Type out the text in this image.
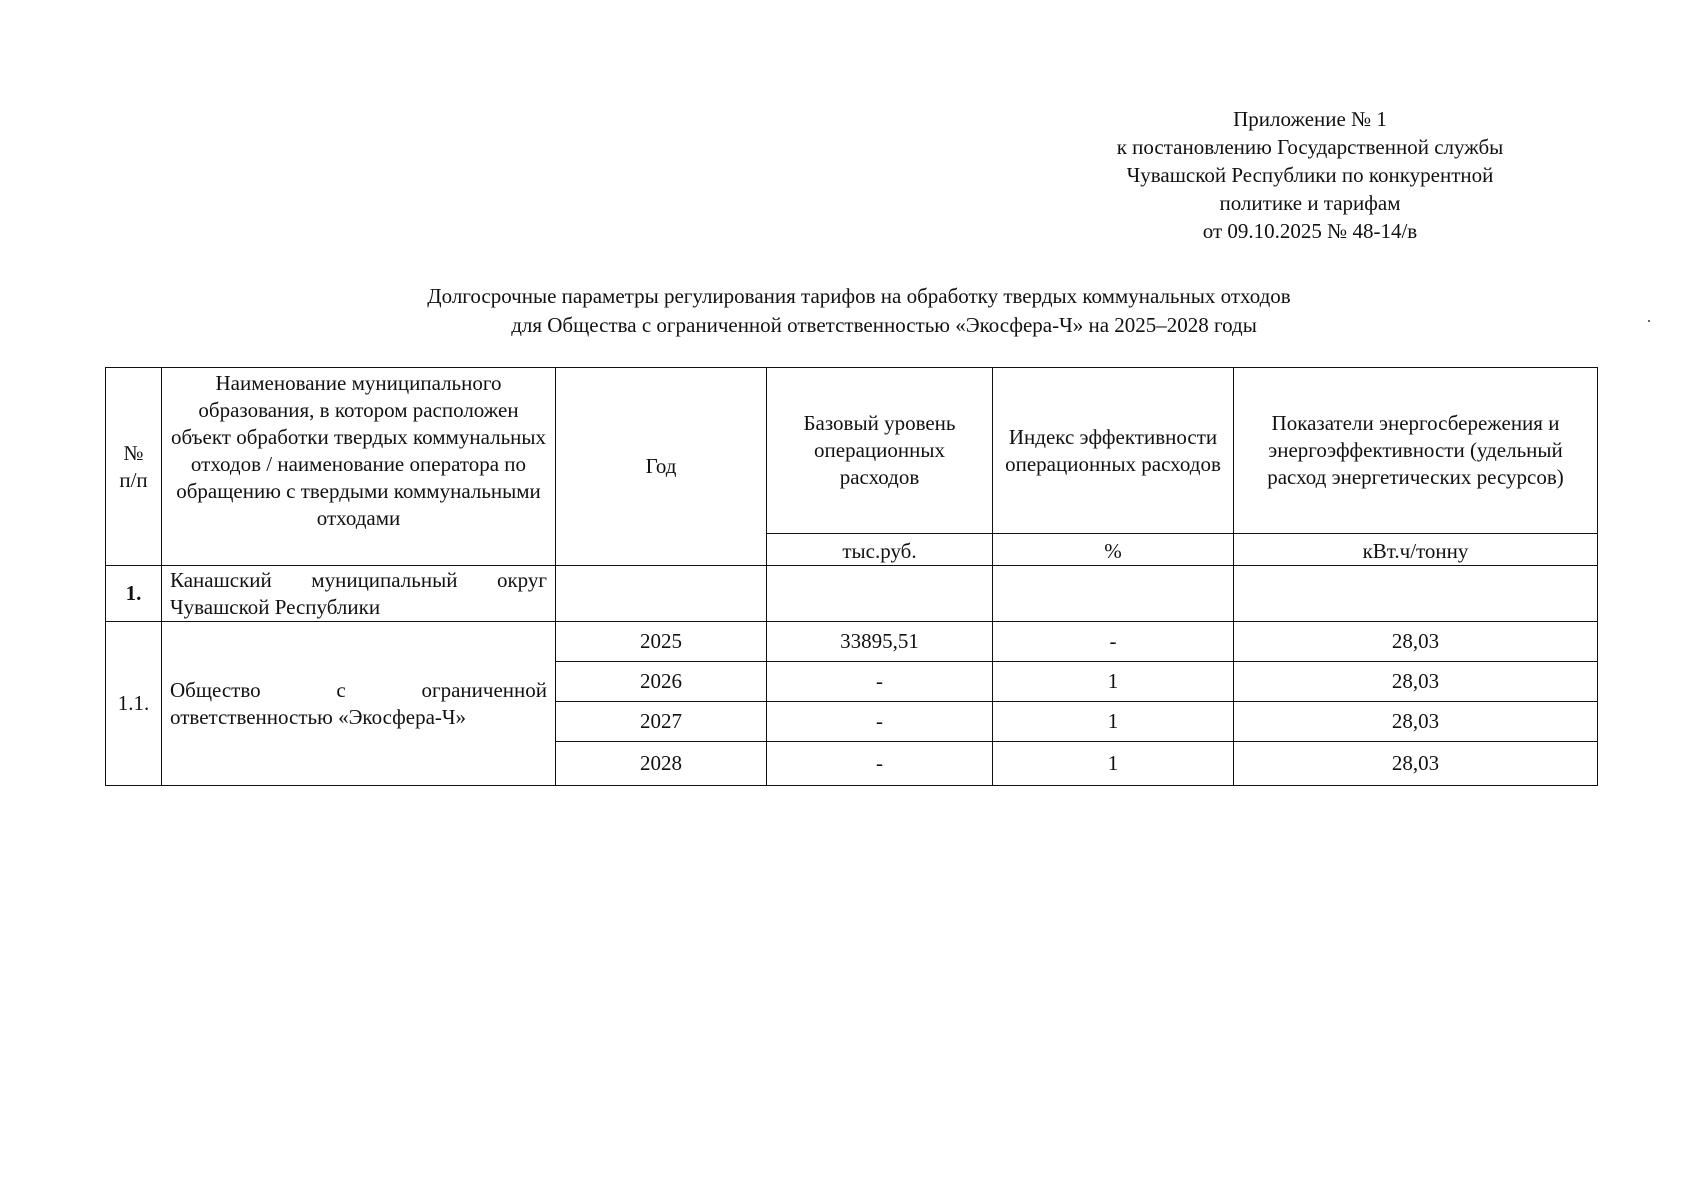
Приложение № 1
к постановлению Государственной службы
Чувашской Республики по конкурентной
политике и тарифам
от 09.10.2025 № 48-14/в
Долгосрочные параметры регулирования тарифов на обработку твердых коммунальных отходов
для Общества с ограниченной ответственностью «Экосфера-Ч» на 2025–2028 годы
№ п/п	Наименование муниципального образования, в котором расположен объект обработки твердых коммунальных отходов / наименование оператора по обращению с твердыми коммунальными отходами	Год	Базовый уровень операционных расходов	Индекс эффективности операционных расходов	Показатели энергосбережения и энергоэффективности (удельный расход энергетических ресурсов)
			тыс.руб.	%	кВт.ч/тонну
1.	Канашский муниципальный округ Чувашской Республики				
1.1.	Общество с ограниченной ответственностью «Экосфера-Ч»	2025	33895,51	-	28,03
		2026	-	1	28,03
		2027	-	1	28,03
		2028	-	1	28,03
